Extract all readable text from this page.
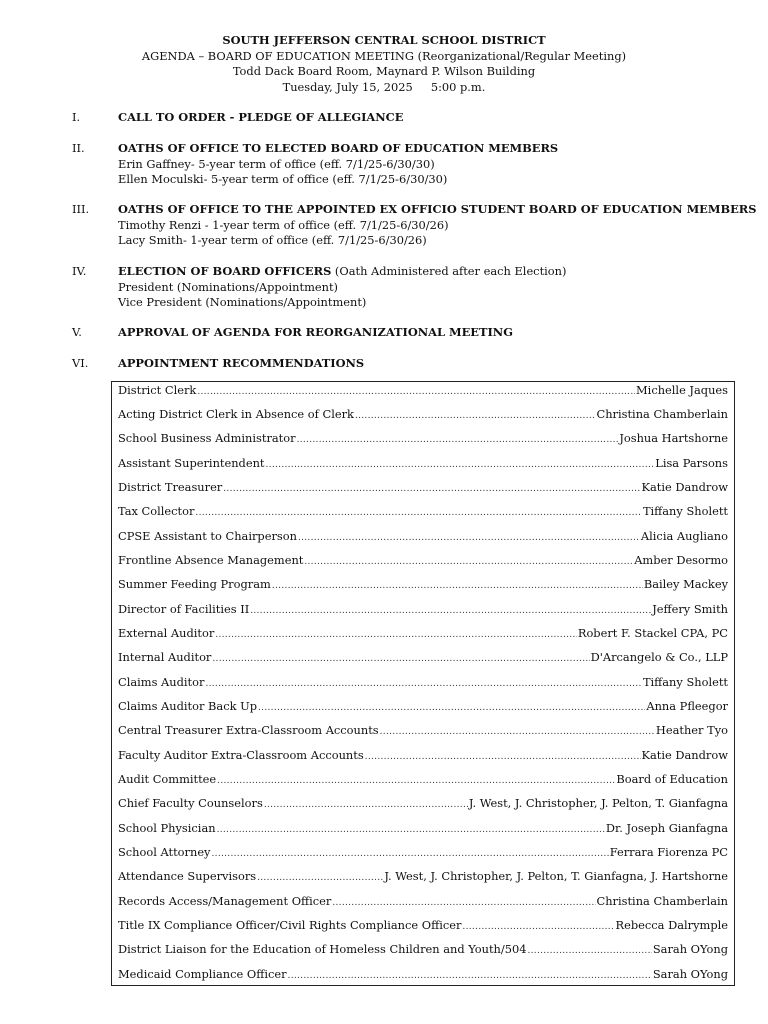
SOUTH JEFFERSON CENTRAL SCHOOL DISTRICT
AGENDA – BOARD OF EDUCATION MEETING (Reorganizational/Regular Meeting)
Todd Dack Board Room, Maynard P. Wilson Building
Tuesday, July 15, 2025     5:00 p.m.
I.	CALL TO ORDER - PLEDGE OF ALLEGIANCE
II.	OATHS OF OFFICE TO ELECTED BOARD OF EDUCATION MEMBERS
Erin Gaffney- 5-year term of office (eff. 7/1/25-6/30/30)
Ellen Moculski- 5-year term of office (eff. 7/1/25-6/30/30)
III.	OATHS OF OFFICE TO THE APPOINTED EX OFFICIO STUDENT BOARD OF EDUCATION MEMBERS
Timothy Renzi - 1-year term of office (eff. 7/1/25-6/30/26)
Lacy Smith- 1-year term of office (eff. 7/1/25-6/30/26)
IV.	ELECTION OF BOARD OFFICERS (Oath Administered after each Election)
President (Nominations/Appointment)
Vice President (Nominations/Appointment)
V.	APPROVAL OF AGENDA FOR REORGANIZATIONAL MEETING
VI.	APPOINTMENT RECOMMENDATIONS
District Clerk .....	Michelle Jaques
Acting District Clerk in Absence of Clerk .....	Christina Chamberlain
School Business Administrator .....	Joshua Hartshorne
Assistant Superintendent .....	Lisa Parsons
District Treasurer .....	Katie Dandrow
Tax Collector .....	Tiffany Sholett
CPSE Assistant to Chairperson .....	Alicia Augliano
Frontline Absence Management .....	Amber Desormo
Summer Feeding Program .....	Bailey Mackey
Director of Facilities II .....	Jeffery Smith
External Auditor .....	Robert F. Stackel CPA, PC
Internal Auditor .....	D'Arcangelo & Co., LLP
Claims Auditor .....	Tiffany Sholett
Claims Auditor Back Up .....	Anna Pfleegor
Central Treasurer Extra-Classroom Accounts .....	Heather Tyo
Faculty Auditor Extra-Classroom Accounts .....	Katie Dandrow
Audit Committee .....	Board of Education
Chief Faculty Counselors .....	J. West, J. Christopher, J. Pelton, T. Gianfagna
School Physician .....	Dr. Joseph Gianfagna
School Attorney .....	Ferrara Fiorenza PC
Attendance Supervisors .....	J. West, J. Christopher, J. Pelton, T. Gianfagna, J. Hartshorne
Records Access/Management Officer .....	Christina Chamberlain
Title IX Compliance Officer/Civil Rights Compliance Officer .....	Rebecca Dalrymple
District Liaison for the Education of Homeless Children and Youth/504 .....	Sarah OYong
Medicaid Compliance Officer .....	Sarah OYong
